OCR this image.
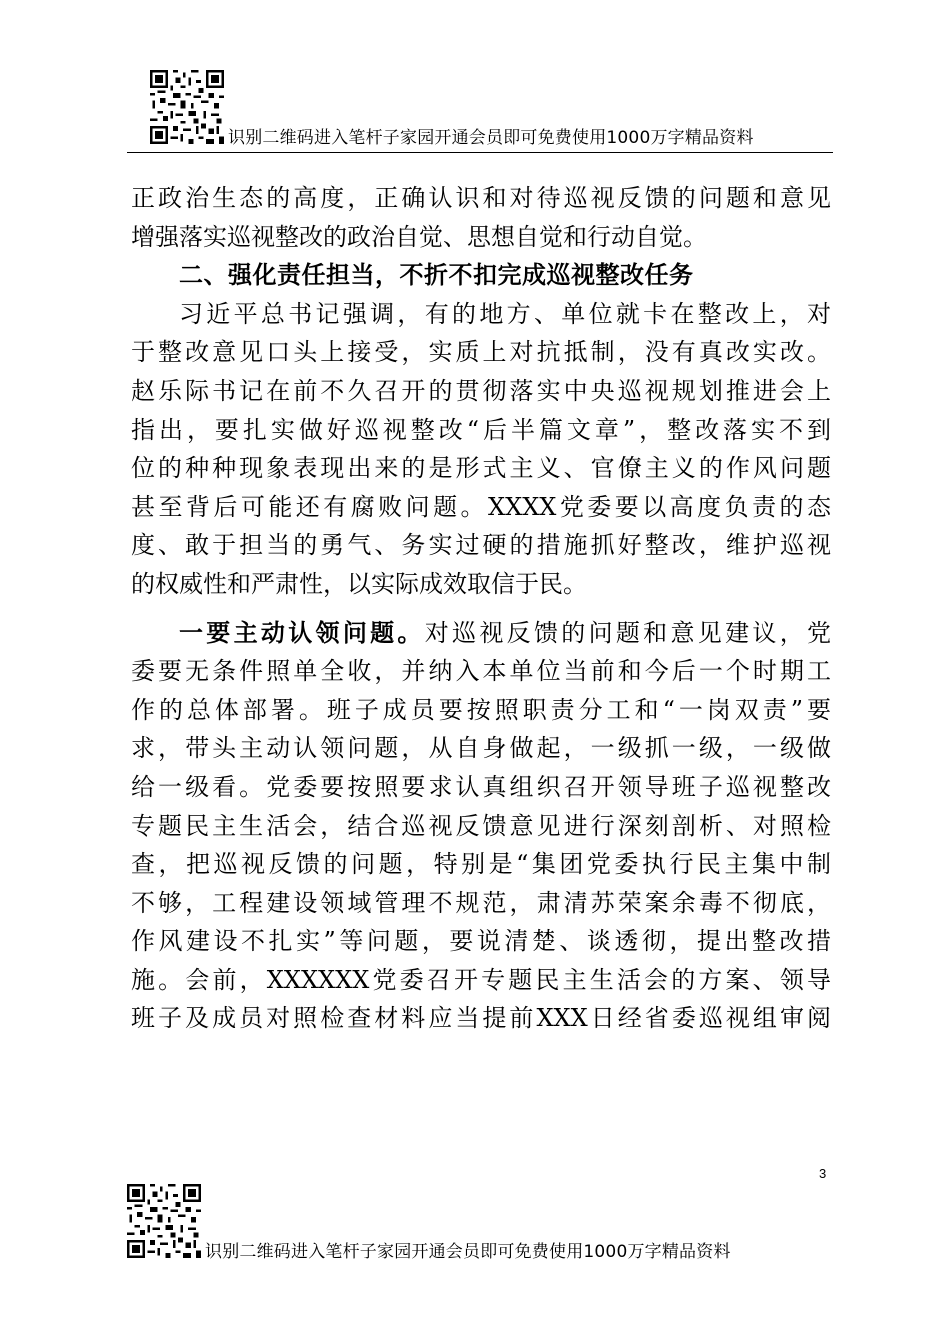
识别二维码进入笔杆子家园开通会员即可免费使用1000万字精品资料
正政治生态的高度，正确认识和对待巡视反馈的问题和意见
增强落实巡视整改的政治自觉、思想自觉和行动自觉。
二、强化责任担当，不折不扣完成巡视整改任务
习近平总书记强调，有的地方、单位就卡在整改上，对
于整改意见口头上接受，实质上对抗抵制，没有真改实改。
赵乐际书记在前不久召开的贯彻落实中央巡视规划推进会上
指出，要扎实做好巡视整改“后半篇文章”，整改落实不到
位的种种现象表现出来的是形式主义、官僚主义的作风问题
甚至背后可能还有腐败问题。XXXX党委要以高度负责的态
度、敢于担当的勇气、务实过硬的措施抓好整改，维护巡视
的权威性和严肃性，以实际成效取信于民。
一要主动认领问题。对巡视反馈的问题和意见建议，党
委要无条件照单全收，并纳入本单位当前和今后一个时期工
作的总体部署。班子成员要按照职责分工和“一岗双责”要
求，带头主动认领问题，从自身做起，一级抓一级，一级做
给一级看。党委要按照要求认真组织召开领导班子巡视整改
专题民主生活会，结合巡视反馈意见进行深刻剖析、对照检
查，把巡视反馈的问题，特别是“集团党委执行民主集中制
不够，工程建设领域管理不规范，肃清苏荣案余毒不彻底，
作风建设不扎实”等问题，要说清楚、谈透彻，提出整改措
施。会前，XXXXXX党委召开专题民主生活会的方案、领导
班子及成员对照检查材料应当提前XXX日经省委巡视组审阅
3
识别二维码进入笔杆子家园开通会员即可免费使用1000万字精品资料
